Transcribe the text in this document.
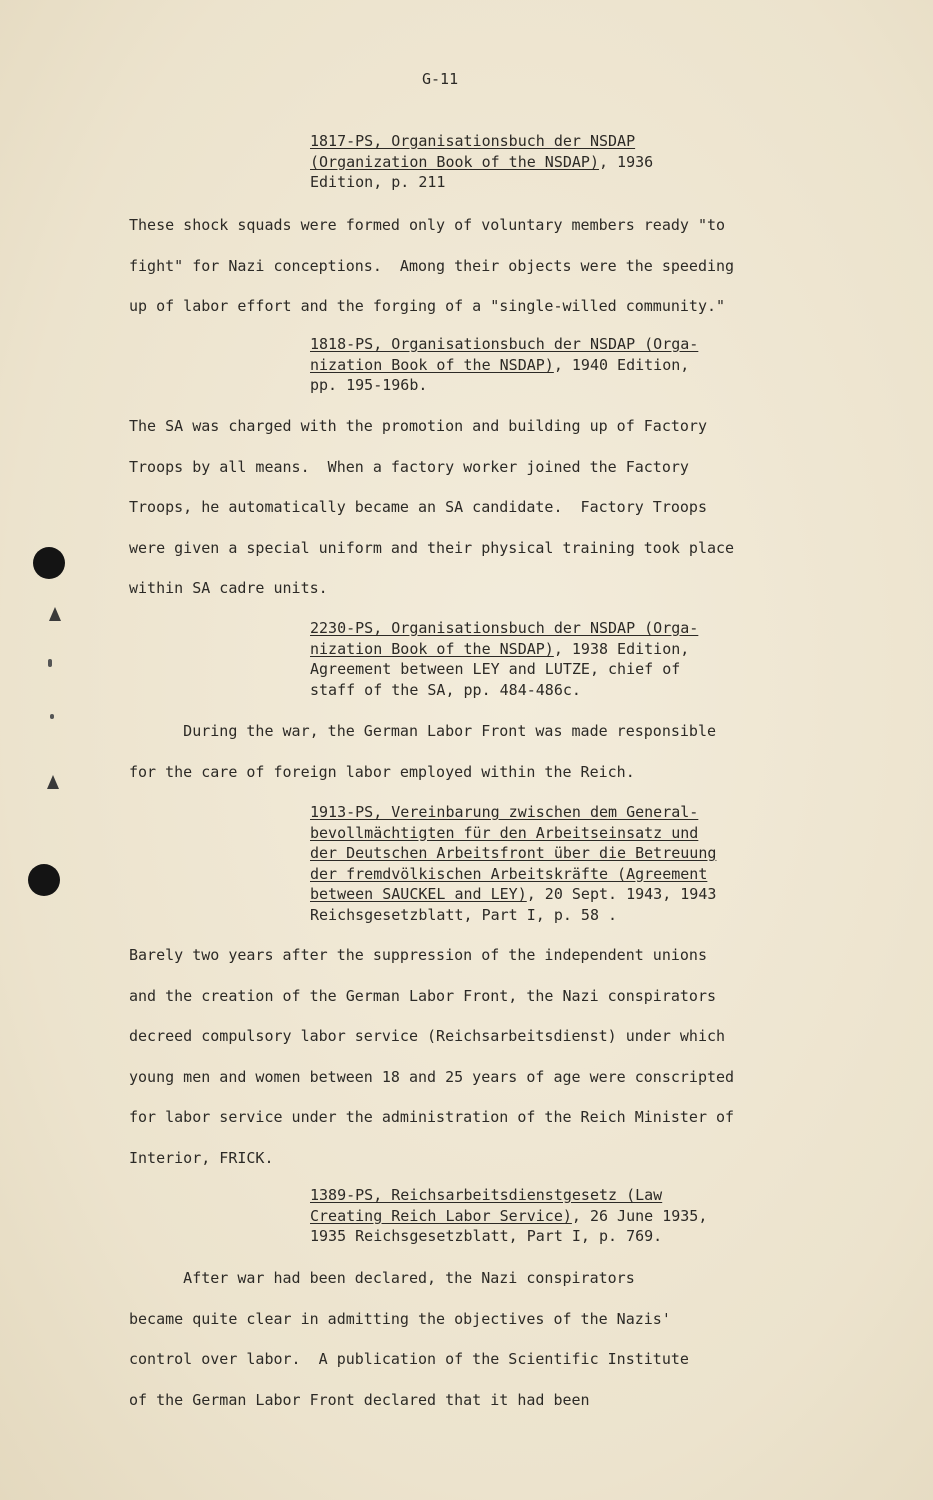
G-11
1817-PS, Organisationsbuch der NSDAP
(Organization Book of the NSDAP), 1936
Edition, p. 211
These shock squads were formed only of voluntary members ready "to
fight" for Nazi conceptions.  Among their objects were the speeding
up of labor effort and the forging of a "single-willed community."
1818-PS, Organisationsbuch der NSDAP (Orga-
nization Book of the NSDAP), 1940 Edition,
pp. 195-196b.
The SA was charged with the promotion and building up of Factory
Troops by all means.  When a factory worker joined the Factory
Troops, he automatically became an SA candidate.  Factory Troops
were given a special uniform and their physical training took place
within SA cadre units.
2230-PS, Organisationsbuch der NSDAP (Orga-
nization Book of the NSDAP), 1938 Edition,
Agreement between LEY and LUTZE, chief of
staff of the SA, pp. 484-486c.
During the war, the German Labor Front was made responsible
for the care of foreign labor employed within the Reich.
1913-PS, Vereinbarung zwischen dem General-
bevollmächtigten für den Arbeitseinsatz und
der Deutschen Arbeitsfront über die Betreuung
der fremdvölkischen Arbeitskräfte (Agreement
between SAUCKEL and LEY), 20 Sept. 1943, 1943
Reichsgesetzblatt, Part I, p. 58 .
Barely two years after the suppression of the independent unions
and the creation of the German Labor Front, the Nazi conspirators
decreed compulsory labor service (Reichsarbeitsdienst) under which
young men and women between 18 and 25 years of age were conscripted
for labor service under the administration of the Reich Minister of
Interior, FRICK.
1389-PS, Reichsarbeitsdienstgesetz (Law
Creating Reich Labor Service), 26 June 1935,
1935 Reichsgesetzblatt, Part I, p. 769.
After war had been declared, the Nazi conspirators
became quite clear in admitting the objectives of the Nazis'
control over labor.  A publication of the Scientific Institute
of the German Labor Front declared that it had been
